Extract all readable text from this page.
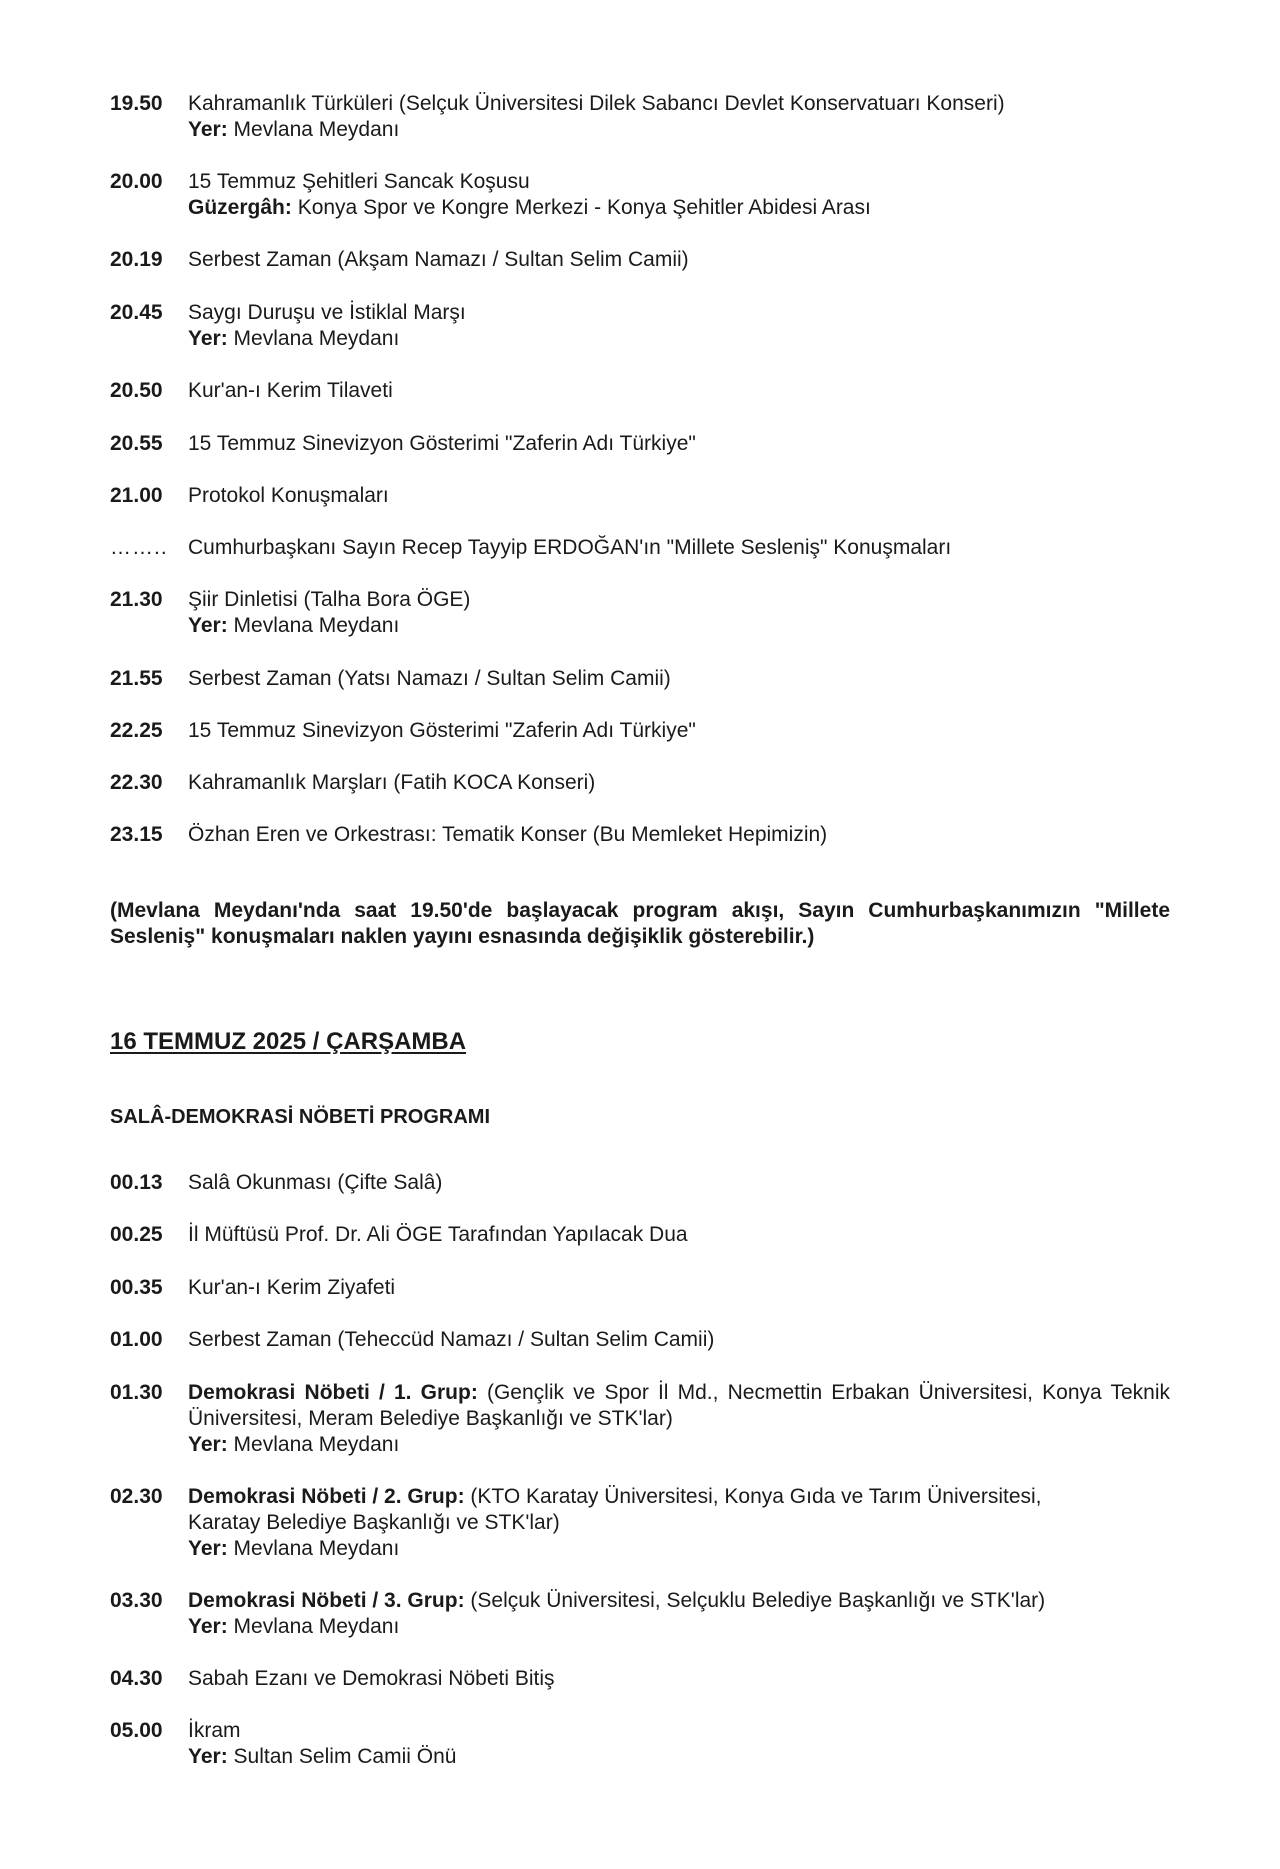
19.50	Kahramanlık Türküleri (Selçuk Üniversitesi Dilek Sabancı Devlet Konservatuarı Konseri)
Yer: Mevlana Meydanı
20.00	15 Temmuz Şehitleri Sancak Koşusu
Güzergâh: Konya Spor ve Kongre Merkezi - Konya Şehitler Abidesi Arası
20.19	Serbest Zaman (Akşam Namazı / Sultan Selim Camii)
20.45	Saygı Duruşu ve İstiklal Marşı
Yer: Mevlana Meydanı
20.50	Kur'an-ı Kerim Tilaveti
20.55	15 Temmuz Sinevizyon Gösterimi "Zaferin Adı Türkiye"
21.00	Protokol Konuşmaları
…….. Cumhurbaşkanı Sayın Recep Tayyip ERDOĞAN'ın "Millete Sesleniş" Konuşmaları
21.30	Şiir Dinletisi (Talha Bora ÖGE)
Yer: Mevlana Meydanı
21.55	Serbest Zaman (Yatsı Namazı / Sultan Selim Camii)
22.25	15 Temmuz Sinevizyon Gösterimi "Zaferin Adı Türkiye"
22.30	Kahramanlık Marşları (Fatih KOCA Konseri)
23.15	Özhan Eren ve Orkestrası: Tematik Konser (Bu Memleket Hepimizin)
(Mevlana Meydanı'nda saat 19.50'de başlayacak program akışı, Sayın Cumhurbaşkanımızın "Millete Sesleniş" konuşmaları naklen yayını esnasında değişiklik gösterebilir.)
16 TEMMUZ 2025 / ÇARŞAMBA
SALÂ-DEMOKRASİ NÖBETİ PROGRAMI
00.13	Salâ Okunması (Çifte Salâ)
00.25	İl Müftüsü Prof. Dr. Ali ÖGE Tarafından Yapılacak Dua
00.35	Kur'an-ı Kerim Ziyafeti
01.00	Serbest Zaman (Teheccüd Namazı / Sultan Selim Camii)
01.30	Demokrasi Nöbeti / 1. Grup: (Gençlik ve Spor İl Md., Necmettin Erbakan Üniversitesi, Konya Teknik Üniversitesi, Meram Belediye Başkanlığı ve STK'lar)
Yer: Mevlana Meydanı
02.30	Demokrasi Nöbeti / 2. Grup: (KTO Karatay Üniversitesi, Konya Gıda ve Tarım Üniversitesi,
Karatay Belediye Başkanlığı ve STK'lar)
Yer: Mevlana Meydanı
03.30	Demokrasi Nöbeti / 3. Grup: (Selçuk Üniversitesi, Selçuklu Belediye Başkanlığı ve STK'lar)
Yer: Mevlana Meydanı
04.30	Sabah Ezanı ve Demokrasi Nöbeti Bitiş
05.00	İkram
Yer: Sultan Selim Camii Önü
